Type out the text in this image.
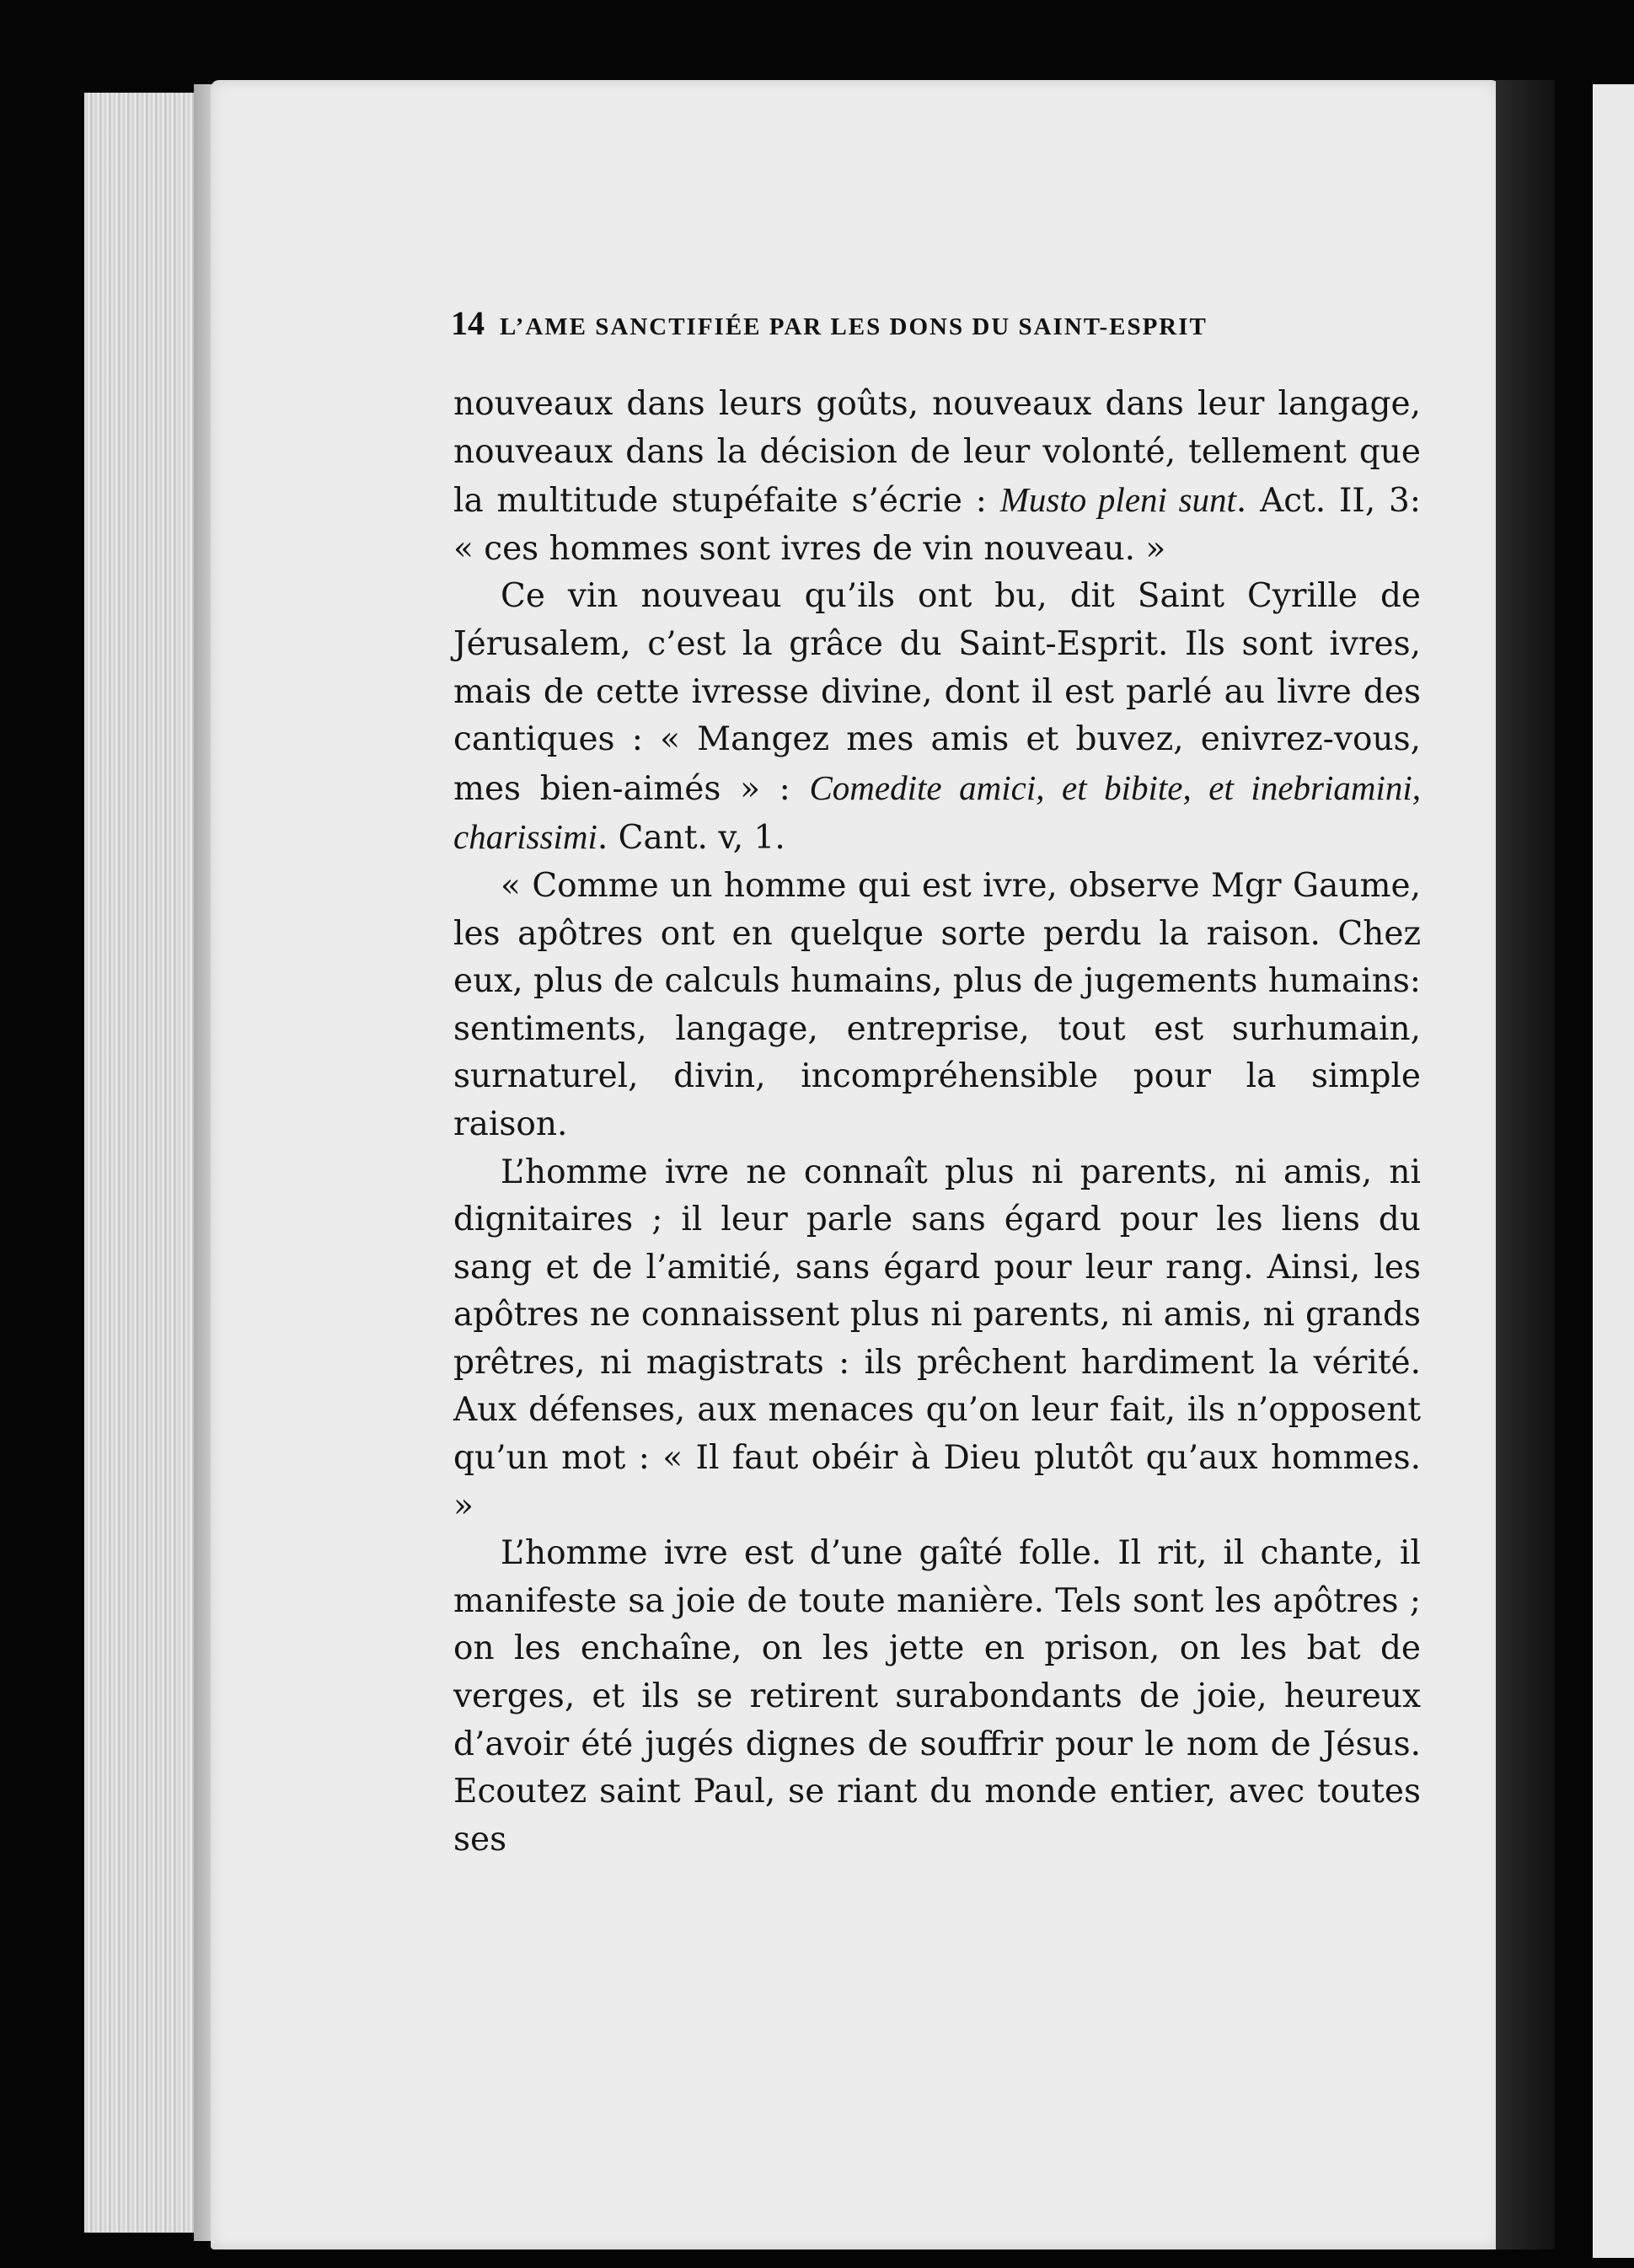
14 L’AME SANCTIFIÉE PAR LES DONS DU SAINT-ESPRIT

nouveaux dans leurs goûts, nouveaux dans leur langage, nouveaux dans la décision de leur volonté, tellement que la multitude stupéfaite s’écrie : Musto pleni sunt. Act. II, 3: « ces hommes sont ivres de vin nouveau. »

Ce vin nouveau qu’ils ont bu, dit Saint Cyrille de Jérusalem, c’est la grâce du Saint-Esprit. Ils sont ivres, mais de cette ivresse divine, dont il est parlé au livre des cantiques : « Mangez mes amis et buvez, enivrez-vous, mes bien-aimés » : Comedite amici, et bibite, et inebriamini, charissimi. Cant. v, 1.

« Comme un homme qui est ivre, observe Mgr Gaume, les apôtres ont en quelque sorte perdu la raison. Chez eux, plus de calculs humains, plus de jugements humains: sentiments, langage, entreprise, tout est surhumain, surnaturel, divin, incompréhensible pour la simple raison.

L’homme ivre ne connaît plus ni parents, ni amis, ni dignitaires ; il leur parle sans égard pour les liens du sang et de l’amitié, sans égard pour leur rang. Ainsi, les apôtres ne connaissent plus ni parents, ni amis, ni grands prêtres, ni magistrats : ils prêchent hardiment la vérité. Aux défenses, aux menaces qu’on leur fait, ils n’opposent qu’un mot : « Il faut obéir à Dieu plutôt qu’aux hommes. »

L’homme ivre est d’une gaîté folle. Il rit, il chante, il manifeste sa joie de toute manière. Tels sont les apôtres ; on les enchaîne, on les jette en prison, on les bat de verges, et ils se retirent surabondants de joie, heureux d’avoir été jugés dignes de souffrir pour le nom de Jésus. Ecoutez saint Paul, se riant du monde entier, avec toutes ses
